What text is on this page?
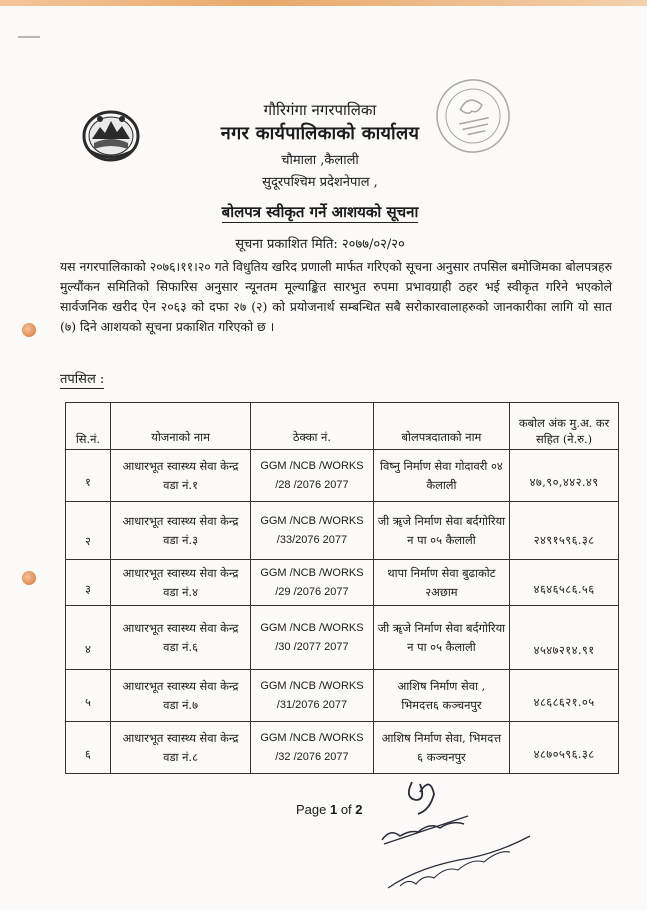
गौरिगंगा नगरपालिका
नगर कार्यपालिकाको कार्यालय
चौमाला ,कैलाली
सुदूरपश्चिम प्रदेशनेपाल ,
बोलपत्र स्वीकृत गर्ने आशयको सूचना
सूचना प्रकाशित मिति: २०७७/०२/२०
यस नगरपालिकाको २०७६।११।२० गते विधुतिय खरिद प्रणाली मार्फत गरिएको सूचना अनुसार तपसिल बमोजिमका बोलपत्रहरु मुल्यौंकन समितिको सिफारिस अनुसार न्यूनतम मूल्याङ्कित सारभुत रुपमा प्रभावग्राही ठहर भई स्वीकृत गरिने भएकोले सार्वजनिक खरीद ऐन २०६३ को दफा २७ (२) को प्रयोजनार्थ सम्बन्धित सबै सरोकारवालाहरुको जानकारीका लागि यो सात (७) दिने आशयको सूचना प्रकाशित गरिएको छ ।
तपसिल :
सि.नं.	योजनाको नाम	ठेक्का नं.	बोलपत्रदाताको नाम	कबोल अंक मु.अ. कर सहित (ने.रु.)

१	आधारभूत स्वास्थ्य सेवा केन्द्र वडा नं.१	GGM /NCB /WORKS /28 /2076 2077	विष्नु निर्माण सेवा गोदावरी ०४ कैलाली	४७,९०,४४२.४९

२	आधारभूत स्वास्थ्य सेवा केन्द्र वडा नं.३	GGM /NCB /WORKS /33/2076 2077	जी ॠजे निर्माण सेवा बर्दगोरिया न पा ०५ कैलाली	२४९१५९६.३८

३	आधारभूत स्वास्थ्य सेवा केन्द्र वडा नं.४	GGM /NCB /WORKS /29 /2076 2077	थापा निर्माण सेवा बुढाकोट २अछाम	४६४६५८६.५६

४	आधारभूत स्वास्थ्य सेवा केन्द्र वडा नं.६	GGM /NCB /WORKS /30 /2077 2077	जी ॠजे निर्माण सेवा बर्दगोरिया न पा ०५ कैलाली	४५४७२१४.९१

५	आधारभूत स्वास्थ्य सेवा केन्द्र वडा नं.७	GGM /NCB /WORKS /31/2076 2077	आशिष निर्माण सेवा , भिमदत्त६ कञ्चनपुर	४८६८६२१.०५

६	आधारभूत स्वास्थ्य सेवा केन्द्र वडा नं.८	GGM /NCB /WORKS /32 /2076 2077	आशिष निर्माण सेवा, भिमदत्त ६ कञ्चनपुर	४८७०५९६.३८
Page 1 of 2
